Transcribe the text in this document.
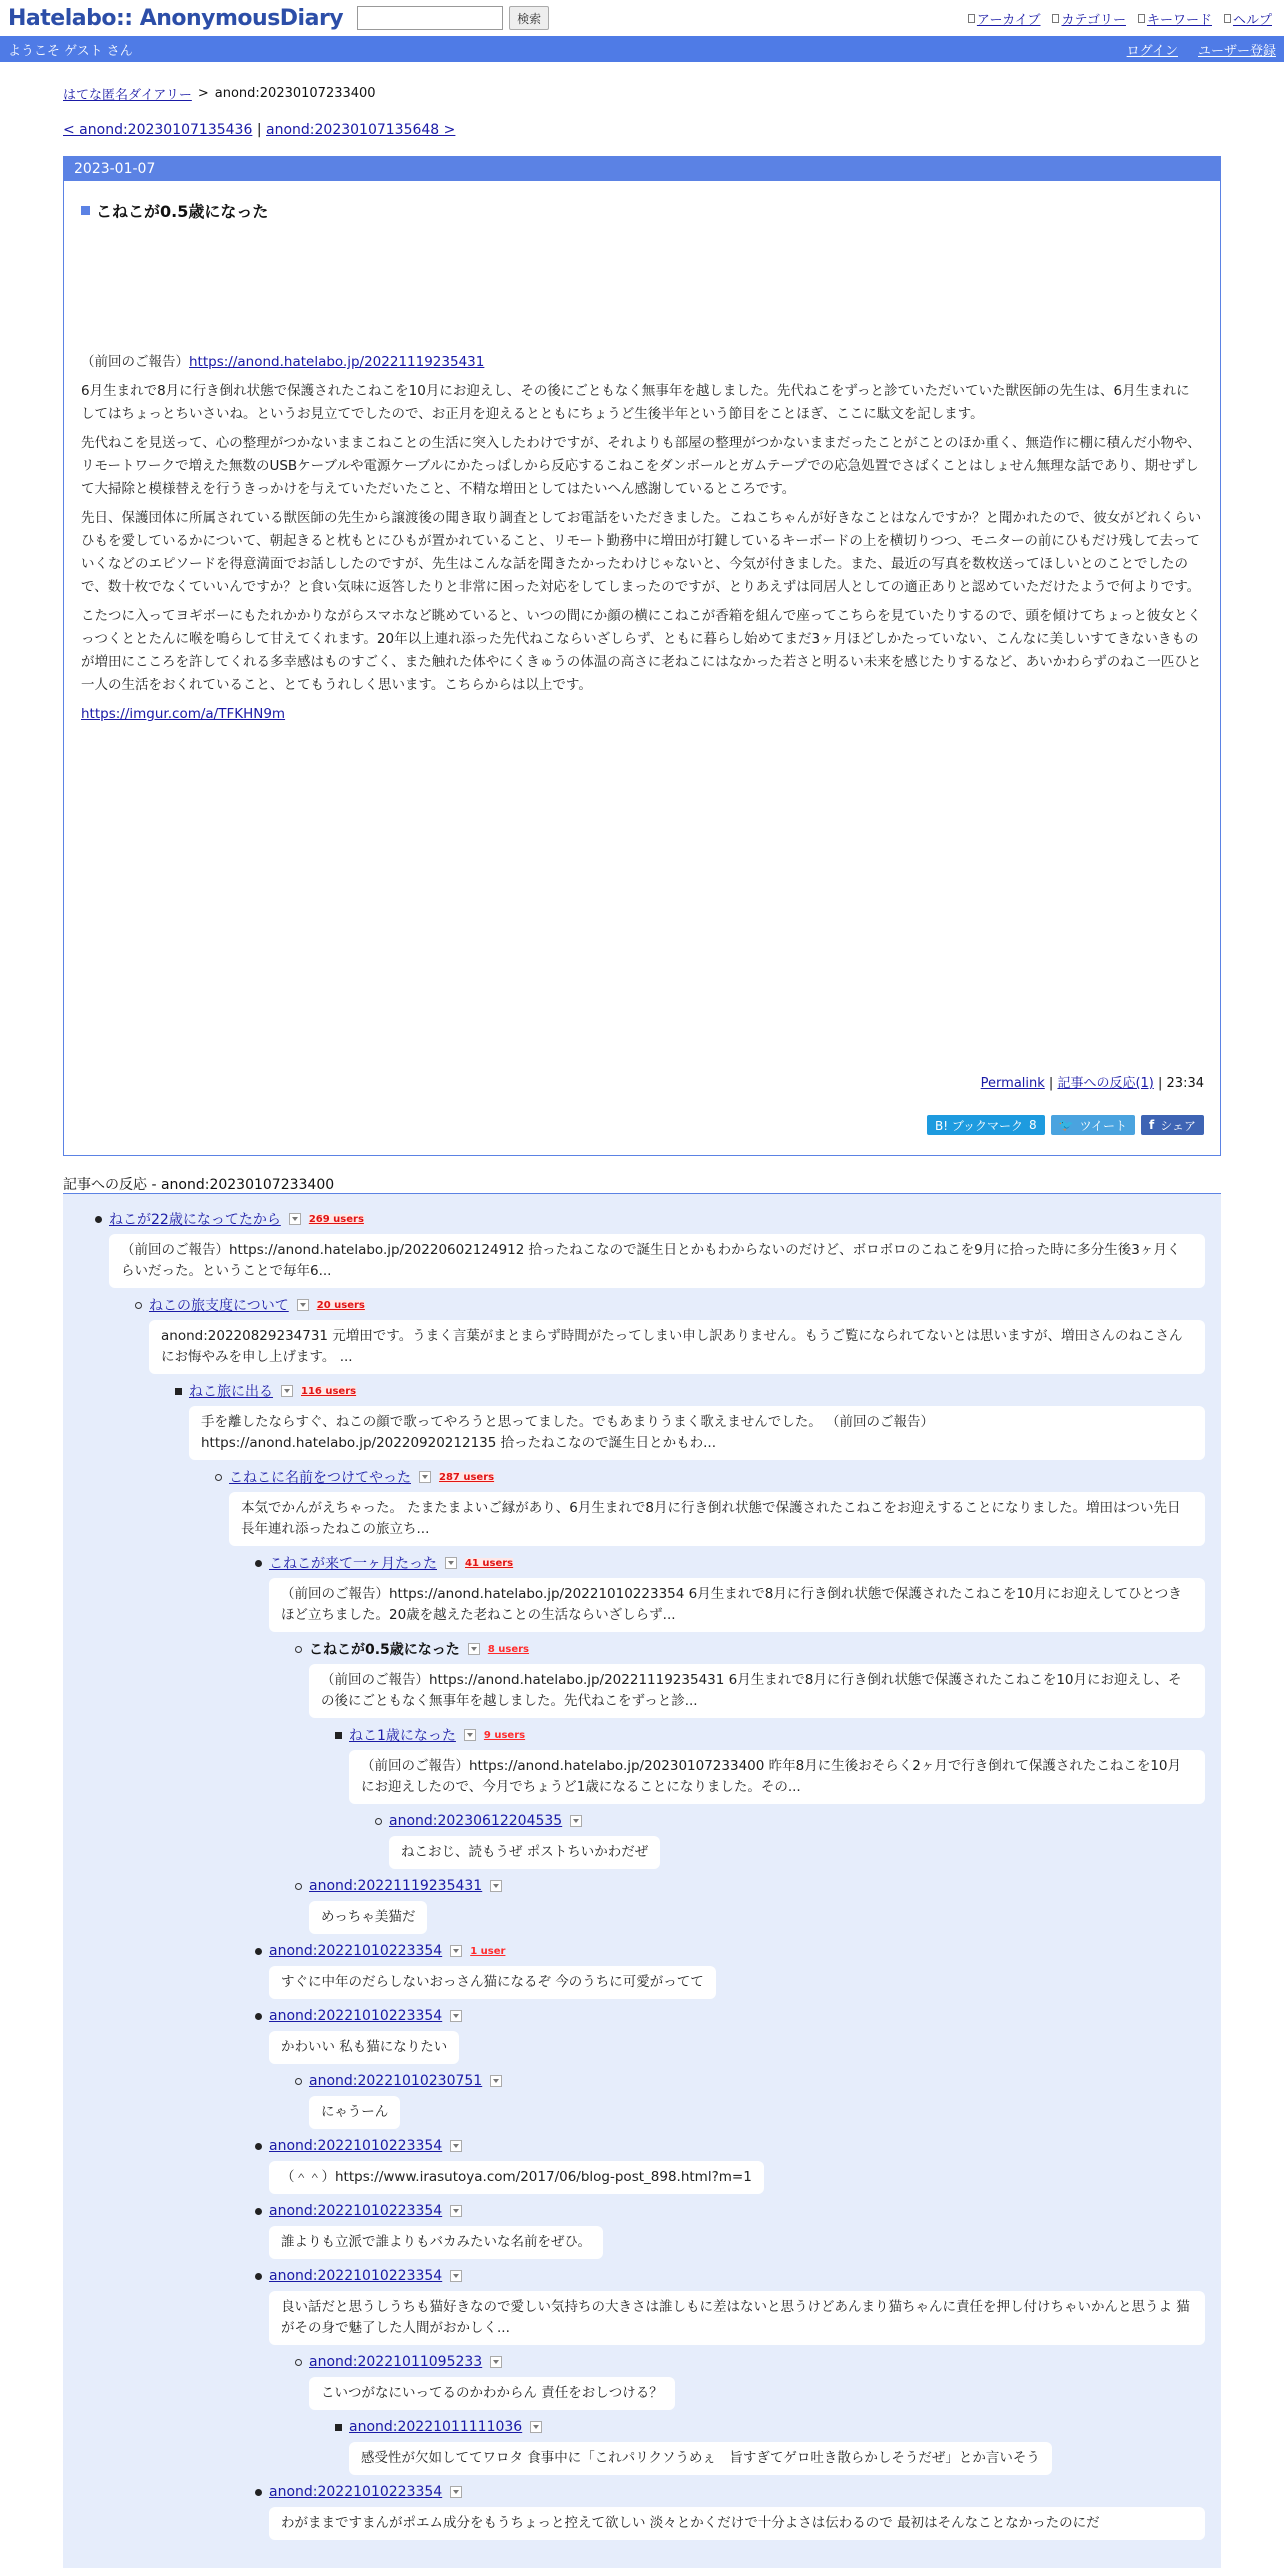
Hatelabo:: AnonymousDiary	検索	アーカイブ カテゴリー キーワード ヘルプ
ようこそ ゲスト さん	ログイン ユーザー登録
はてな匿名ダイアリー > anond:20230107233400
< anond:20230107135436 | anond:20230107135648 >
2023-01-07
こねこが0.5歳になった

（前回のご報告）https://anond.hatelabo.jp/20221119235431

6月生まれで8月に行き倒れ状態で保護されたこねこを10月にお迎えし、その後にごともなく無事年を越しました。先代ねこをずっと診ていただいていた獣医師の先生は、6月生まれにしてはちょっとちいさいね。というお見立てでしたので、お正月を迎えるとともにちょうど生後半年という節目をことほぎ、ここに駄文を記します。

先代ねこを見送って、心の整理がつかないままこねことの生活に突入したわけですが、それよりも部屋の整理がつかないままだったことがことのほか重く、無造作に棚に積んだ小物や、リモートワークで増えた無数のUSBケーブルや電源ケーブルにかたっぱしから反応するこねこをダンボールとガムテープでの応急処置でさばくことはしょせん無理な話であり、期せずして大掃除と模様替えを行うきっかけを与えていただいたこと、不精な増田としてはたいへん感謝しているところです。

先日、保護団体に所属されている獣医師の先生から譲渡後の聞き取り調査としてお電話をいただきました。こねこちゃんが好きなことはなんですか？と聞かれたので、彼女がどれくらいひもを愛しているかについて、朝起きると枕もとにひもが置かれていること、リモート勤務中に増田が打鍵しているキーボードの上を横切りつつ、モニターの前にひもだけ残して去っていくなどのエピソードを得意満面でお話ししたのですが、先生はこんな話を聞きたかったわけじゃないと、今気が付きました。また、最近の写真を数枚送ってほしいとのことでしたので、数十枚でなくていいんですか？と食い気味に返答したりと非常に困った対応をしてしまったのですが、とりあえずは同居人としての適正ありと認めていただけたようで何よりです。

こたつに入ってヨギボーにもたれかかりながらスマホなど眺めていると、いつの間にか顔の横にこねこが香箱を組んで座ってこちらを見ていたりするので、頭を傾けてちょっと彼女とくっつくととたんに喉を鳴らして甘えてくれます。20年以上連れ添った先代ねこならいざしらず、ともに暮らし始めてまだ3ヶ月ほどしかたっていない、こんなに美しいすてきないきものが増田にこころを許してくれる多幸感はものすごく、また触れた体やにくきゅうの体温の高さに老ねこにはなかった若さと明るい未来を感じたりするなど、あいかわらずのねこ一匹ひと一人の生活をおくれていること、とてもうれしく思います。こちらからは以上です。

https://imgur.com/a/TFKHN9m

Permalink | 記事への反応(1) | 23:34
B! ブックマーク 8 🐦 ツイート f シェア
記事への反応 - anond:20230107233400
ねこが22歳になってたから	269 users
（前回のご報告）https://anond.hatelabo.jp/20220602124912 拾ったねこなので誕生日とかもわからないのだけど、ボロボロのこねこを9月に拾った時に多分生後3ヶ月くらいだった。ということで毎年6...
ねこの旅支度について	20 users
anond:20220829234731 元増田です。うまく言葉がまとまらず時間がたってしまい申し訳ありません。もうご覧になられてないとは思いますが、増田さんのねこさんにお悔やみを申し上げます。 ...
ねこ旅に出る	116 users
手を離したならすぐ、ねこの顔で歌ってやろうと思ってました。でもあまりうまく歌えませんでした。 （前回のご報告）https://anond.hatelabo.jp/20220920212135 拾ったねこなので誕生日とかもわ...
こねこに名前をつけてやった	287 users
本気でかんがえちゃった。 たまたまよいご縁があり、6月生まれで8月に行き倒れ状態で保護されたこねこをお迎えすることになりました。増田はつい先日長年連れ添ったねこの旅立ち...
こねこが来て一ヶ月たった	41 users
（前回のご報告）https://anond.hatelabo.jp/20221010223354 6月生まれで8月に行き倒れ状態で保護されたこねこを10月にお迎えしてひとつきほど立ちました。20歳を越えた老ねことの生活ならいざしらず...
こねこが0.5歳になった	8 users
（前回のご報告）https://anond.hatelabo.jp/20221119235431 6月生まれで8月に行き倒れ状態で保護されたこねこを10月にお迎えし、その後にごともなく無事年を越しました。先代ねこをずっと診...
ねこ1歳になった	9 users
（前回のご報告）https://anond.hatelabo.jp/20230107233400 昨年8月に生後おそらく2ヶ月で行き倒れて保護されたこねこを10月にお迎えしたので、今月でちょうど1歳になることになりました。その...
anond:20230612204535
ねこおじ、読もうぜ ポストちいかわだぜ
anond:20221119235431
めっちゃ美猫だ
anond:20221010223354	1 user
すぐに中年のだらしないおっさん猫になるぞ 今のうちに可愛がってて
anond:20221010223354
かわいい 私も猫になりたい
anond:20221010230751
にゃうーん
anond:20221010223354
（＾＾）https://www.irasutoya.com/2017/06/blog-post_898.html?m=1
anond:20221010223354
誰よりも立派で誰よりもバカみたいな名前をぜひ。
anond:20221010223354
良い話だと思うしうちも猫好きなので愛しい気持ちの大きさは誰しもに差はないと思うけどあんまり猫ちゃんに責任を押し付けちゃいかんと思うよ 猫がその身で魅了した人間がおかしく...
anond:20221011095233
こいつがなにいってるのかわからん 責任をおしつける？
anond:20221011111036
感受性が欠如しててワロタ 食事中に「これパリクソうめぇ　旨すぎてゲロ吐き散らかしそうだぜ」とか言いそう
anond:20221010223354
わがままですまんがポエム成分をもうちょっと控えて欲しい 淡々とかくだけで十分よさは伝わるので 最初はそんなことなかったのにだ
